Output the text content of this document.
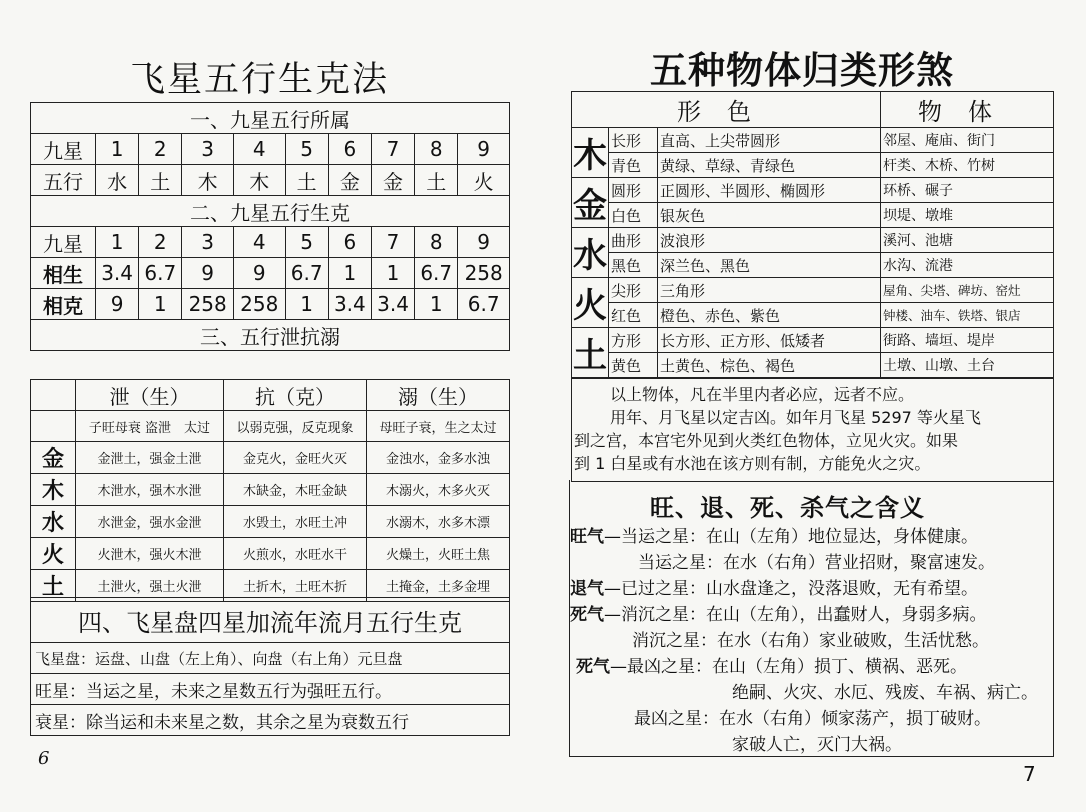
飞星五行生克法
一、九星五行所属									
九星	1	2	3	4	5	6	7	8	9
五行	水	土	木	木	土	金	金	土	火
二、九星五行生克									
九星	1	2	3	4	5	6	7	8	9
相生	3.4	6.7	9	9	6.7	1	1	6.7	258
相克	9	1	258	258	1	3.4	3.4	1	6.7
三、五行泄抗溺									
	泄（生）	抗（克）	溺（生）
	子旺母衰 盗泄　太过	以弱克强，反克现象	母旺子衰，生之太过
金	金泄土，强金土泄	金克火，金旺火灭	金浊水，金多水浊
木	木泄水，强木水泄	木缺金，木旺金缺	木溺火，木多火灭
水	水泄金，强水金泄	水毁土，水旺土冲	水溺木，水多木漂
火	火泄木，强火木泄	火煎水，水旺水干	火燥土，火旺土焦
土	土泄火，强土火泄	土折木，土旺木折	土掩金，土多金埋
四、飞星盘四星加流年流月五行生克
飞星盘：运盘、山盘（左上角）、向盘（右上角）元旦盘
旺星：当运之星，未来之星数五行为强旺五行。
衰星：除当运和未来星之数，其余之星为衰数五行
6
五种物体归类形煞
形色			物体
木	长形	直高、上尖带圆形	邻屋、庵庙、街门
	青色	黄绿、草绿、青绿色	杆类、木桥、竹树
金	圆形	正圆形、半圆形、椭圆形	环桥、碾子
	白色	银灰色	坝堤、墩堆
水	曲形	波浪形	溪河、池塘
	黑色	深兰色、黑色	水沟、流港
火	尖形	三角形	屋角、尖塔、碑坊、窑灶
	红色	橙色、赤色、紫色	钟楼、油车、铁塔、银店
土	方形	长方形、正方形、低矮者	街路、墙垣、堤岸
	黄色	土黄色、棕色、褐色	土墩、山墩、土台
以上物体，凡在半里内者必应，远者不应。
用年、月飞星以定吉凶。如年月飞星 5297 等火星飞
到之宫，本宫宅外见到火类红色物体，立见火灾。如果
到 1 白星或有水池在该方则有制，方能免火之灾。
旺、退、死、杀气之含义
旺气—当运之星：在山（左角）地位显达，身体健康。
当运之星：在水（右角）营业招财，聚富速发。
退气—已过之星：山水盘逢之，没落退败，无有希望。
死气—消沉之星：在山（左角），出蠢财人，身弱多病。
消沉之星：在水（右角）家业破败，生活忧愁。
死气—最凶之星：在山（左角）损丁、横祸、恶死。
绝嗣、火灾、水厄、残废、车祸、病亡。
最凶之星：在水（右角）倾家荡产，损丁破财。
家破人亡，灭门大祸。
7
